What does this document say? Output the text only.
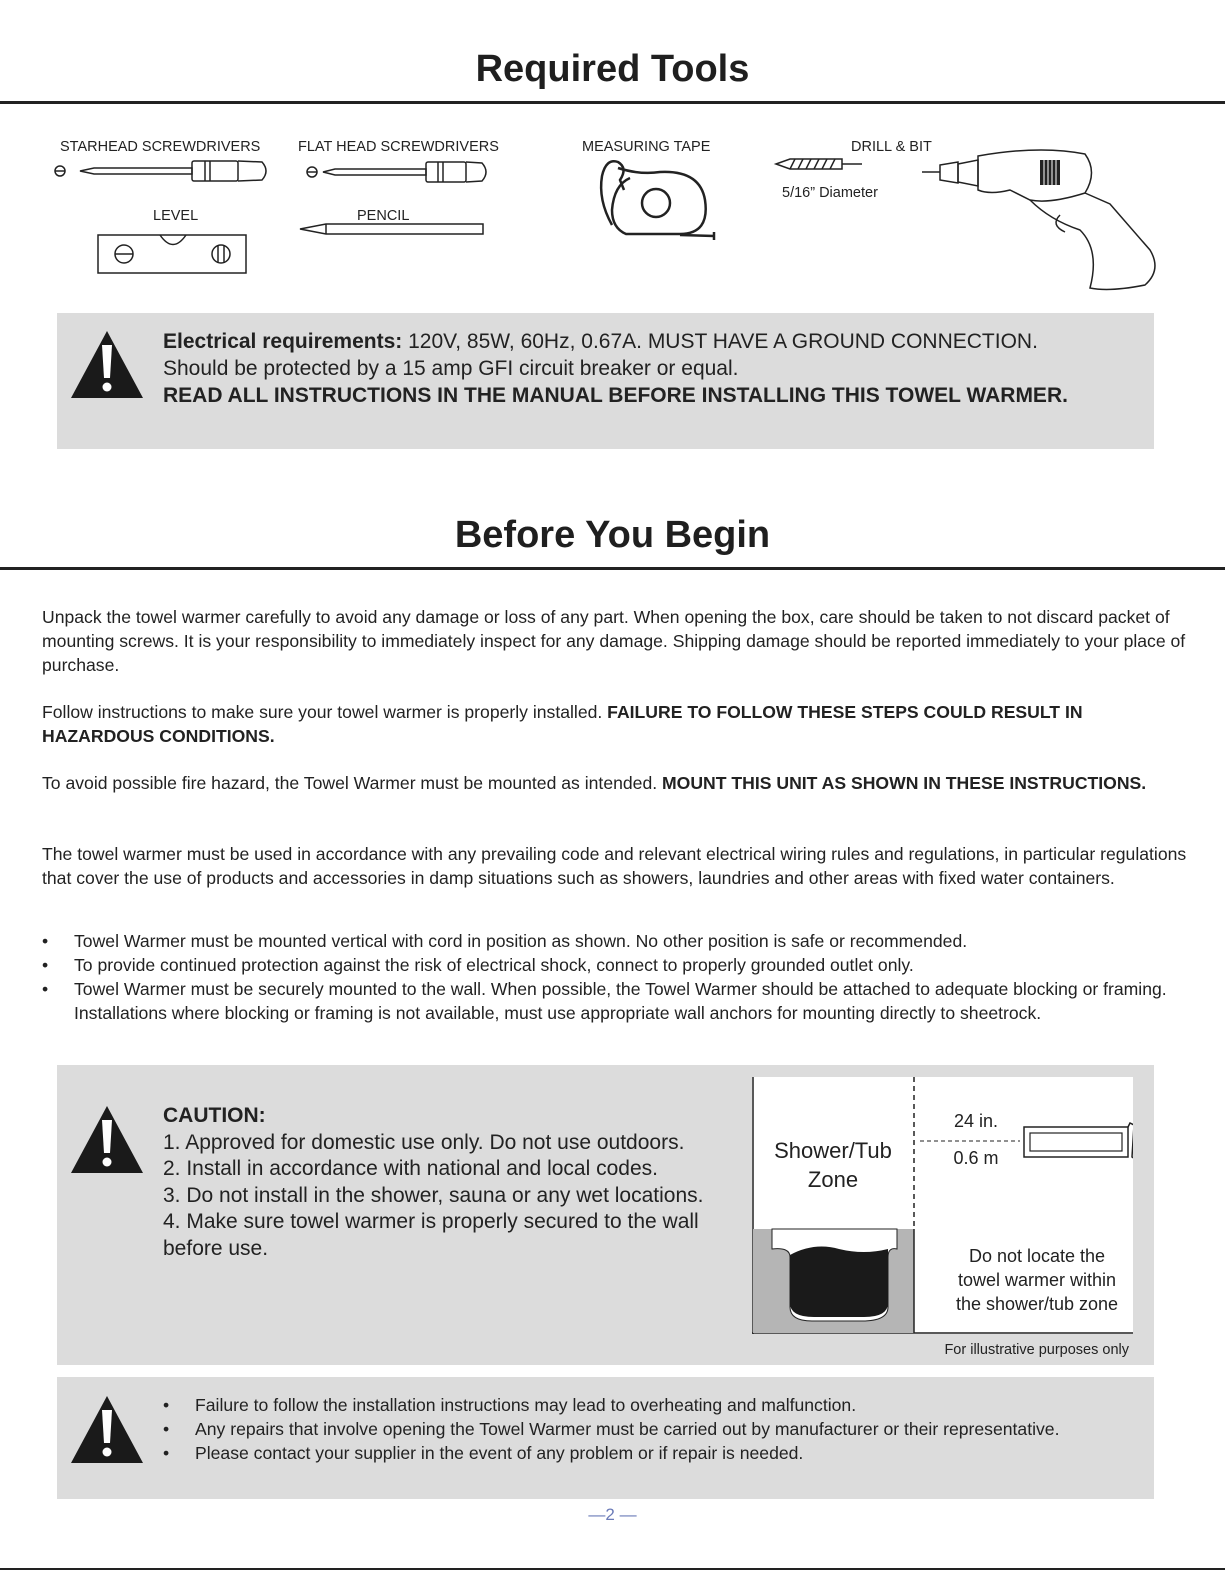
Required Tools
STARHEAD SCREWDRIVERS	FLAT HEAD SCREWDRIVERS	MEASURING TAPE	DRILL & BIT
5/16” Diameter
LEVEL	PENCIL
Electrical requirements: 120V, 85W, 60Hz, 0.67A. MUST HAVE A GROUND CONNECTION.
Should be protected by a 15 amp GFI circuit breaker or equal.
READ ALL INSTRUCTIONS IN THE MANUAL BEFORE INSTALLING THIS TOWEL WARMER.
Before You Begin
Unpack the towel warmer carefully to avoid any damage or loss of any part. When opening the box, care should be taken to not discard packet of mounting screws. It is your responsibility to immediately inspect for any damage. Shipping damage should be reported immediately to your place of purchase.
Follow instructions to make sure your towel warmer is properly installed. FAILURE TO FOLLOW THESE STEPS COULD RESULT IN HAZARDOUS CONDITIONS.
To avoid possible fire hazard, the Towel Warmer must be mounted as intended. MOUNT THIS UNIT AS SHOWN IN THESE INSTRUCTIONS.
The towel warmer must be used in accordance with any prevailing code and relevant electrical wiring rules and regulations, in particular regulations that cover the use of products and accessories in damp situations such as showers, laundries and other areas with fixed water containers.
• Towel Warmer must be mounted vertical with cord in position as shown. No other position is safe or recommended.
• To provide continued protection against the risk of electrical shock, connect to properly grounded outlet only.
• Towel Warmer must be securely mounted to the wall. When possible, the Towel Warmer should be attached to adequate blocking or framing. Installations where blocking or framing is not available, must use appropriate wall anchors for mounting directly to sheetrock.
CAUTION:
1. Approved for domestic use only. Do not use outdoors.
2. Install in accordance with national and local codes.
3. Do not install in the shower, sauna or any wet locations.
4. Make sure towel warmer is properly secured to the wall before use.
Shower/Tub
Zone
24 in.
0.6 m
Do not locate the
towel warmer within
the shower/tub zone
For illustrative purposes only
• Failure to follow the installation instructions may lead to overheating and malfunction.
• Any repairs that involve opening the Towel Warmer must be carried out by manufacturer or their representative.
• Please contact your supplier in the event of any problem or if repair is needed.
—2 —
